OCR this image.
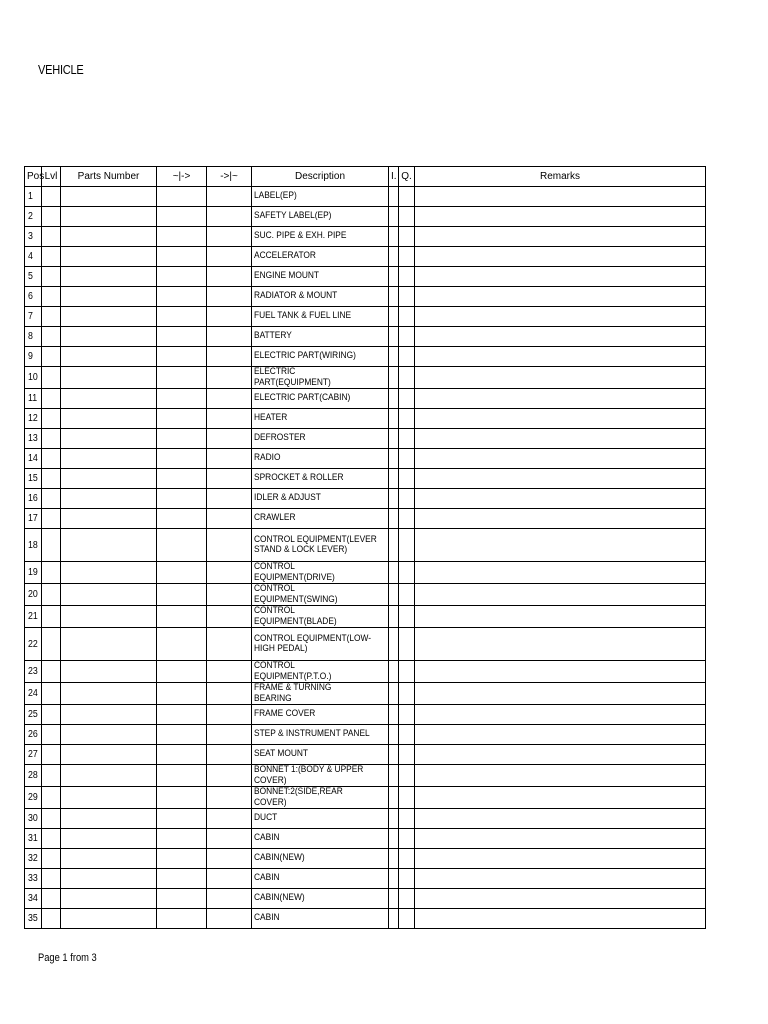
VEHICLE
Pos	Lvl	Parts Number	~|->	->|~	Description	I.	Q.	Remarks
1					LABEL(EP)			
2					SAFETY LABEL(EP)			
3					SUC. PIPE & EXH. PIPE			
4					ACCELERATOR			
5					ENGINE MOUNT			
6					RADIATOR & MOUNT			
7					FUEL TANK & FUEL LINE			
8					BATTERY			
9					ELECTRIC PART(WIRING)			
10					ELECTRIC PART(EQUIPMENT)			
11					ELECTRIC PART(CABIN)			
12					HEATER			
13					DEFROSTER			
14					RADIO			
15					SPROCKET & ROLLER			
16					IDLER & ADJUST			
17					CRAWLER			
18					CONTROL EQUIPMENT(LEVER STAND & LOCK LEVER)			

19					CONTROL EQUIPMENT(DRIVE)			
20					CONTROL EQUIPMENT(SWING)			
21					CONTROL EQUIPMENT(BLADE)			
22					CONTROL EQUIPMENT(LOW-HIGH PEDAL)			

23					CONTROL EQUIPMENT(P.T.O.)			
24					FRAME & TURNING BEARING			
25					FRAME COVER			
26					STEP & INSTRUMENT PANEL			
27					SEAT MOUNT			
28					BONNET 1:(BODY & UPPER COVER)			
29					BONNET:2(SIDE,REAR COVER)			
30					DUCT			
31					CABIN			
32					CABIN(NEW)			
33					CABIN			
34					CABIN(NEW)			
35					CABIN			
Page 1 from 3
